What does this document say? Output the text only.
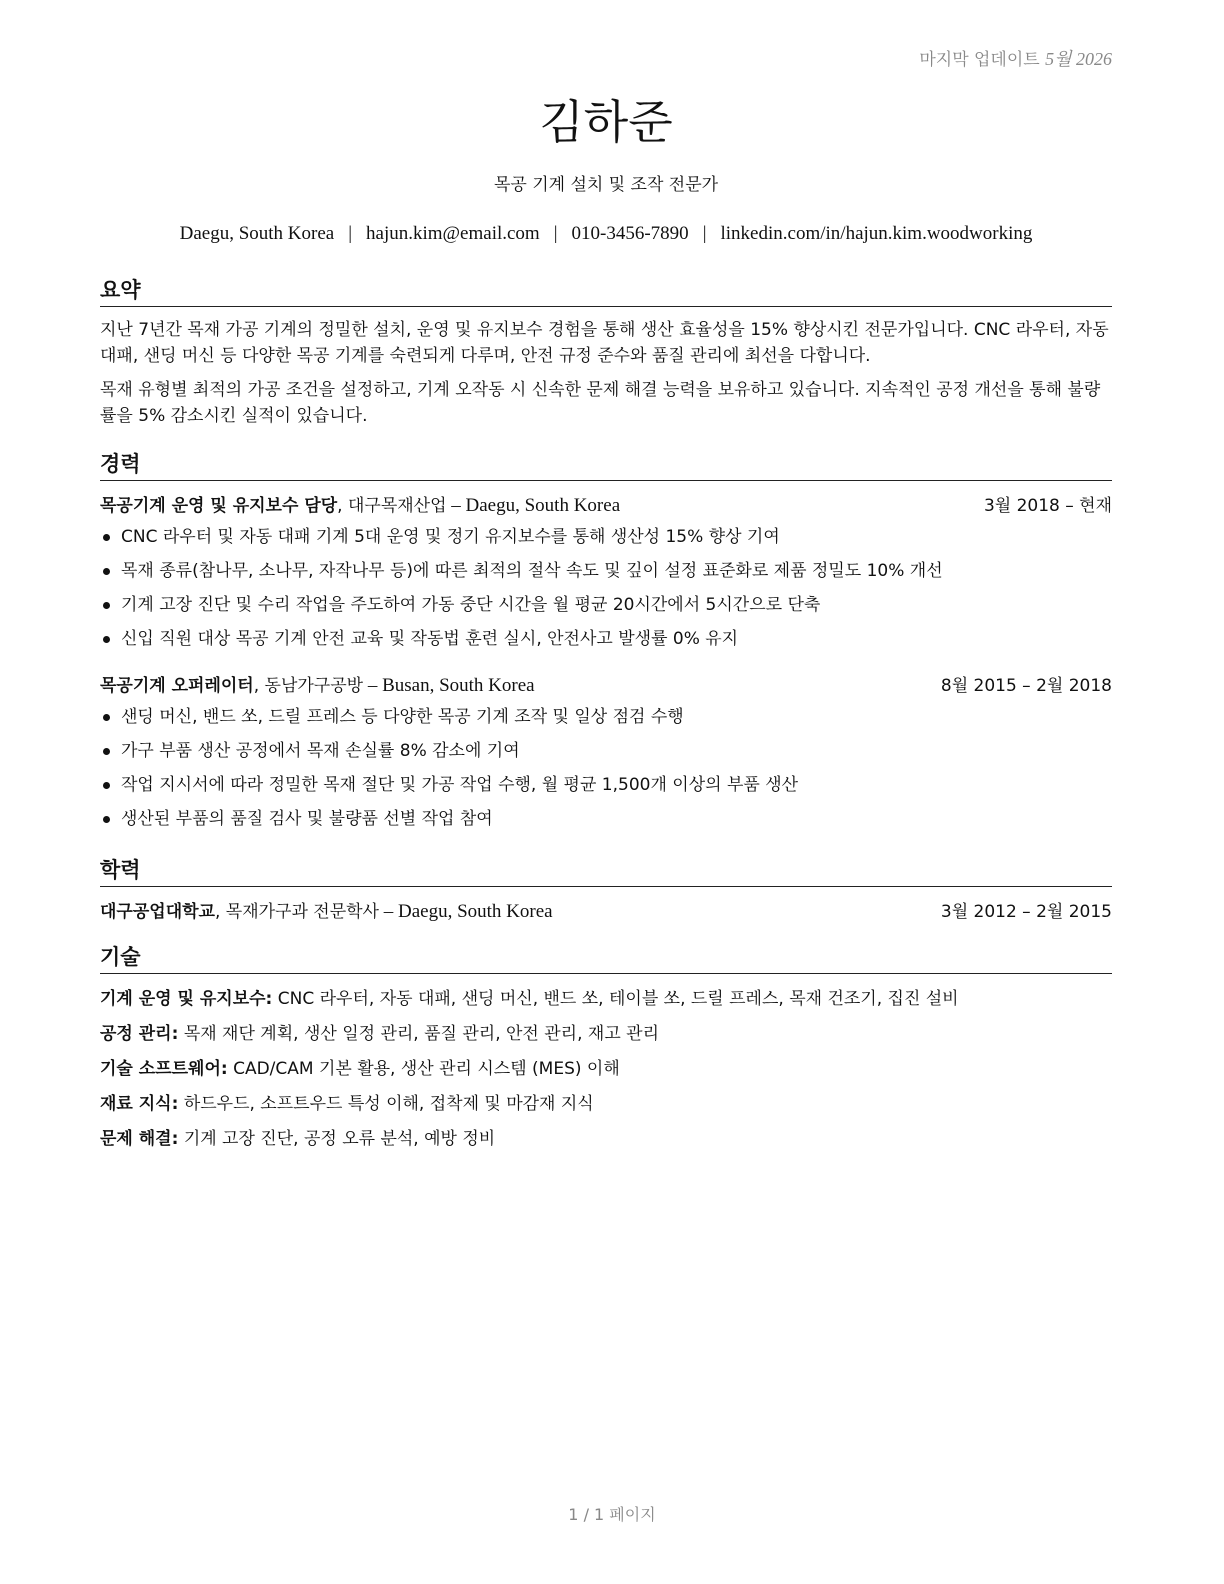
마지막 업데이트 5월 2026
김하준
목공 기계 설치 및 조작 전문가
Daegu, South Korea | hajun.kim@email.com | 010-3456-7890 | linkedin.com/in/hajun.kim.woodworking
요약

지난 7년간 목재 가공 기계의 정밀한 설치, 운영 및 유지보수 경험을 통해 생산 효율성을 15% 향상시킨 전문가입니다. CNC 라우터, 자동 대패, 샌딩 머신 등 다양한 목공 기계를 숙련되게 다루며, 안전 규정 준수와 품질 관리에 최선을 다합니다.

목재 유형별 최적의 가공 조건을 설정하고, 기계 오작동 시 신속한 문제 해결 능력을 보유하고 있습니다. 지속적인 공정 개선을 통해 불량률을 5% 감소시킨 실적이 있습니다.

경력
목공기계 운영 및 유지보수 담당, 대구목재산업 – Daegu, South Korea	3월 2018 – 현재
CNC 라우터 및 자동 대패 기계 5대 운영 및 정기 유지보수를 통해 생산성 15% 향상 기여
목재 종류(참나무, 소나무, 자작나무 등)에 따른 최적의 절삭 속도 및 깊이 설정 표준화로 제품 정밀도 10% 개선
기계 고장 진단 및 수리 작업을 주도하여 가동 중단 시간을 월 평균 20시간에서 5시간으로 단축
신입 직원 대상 목공 기계 안전 교육 및 작동법 훈련 실시, 안전사고 발생률 0% 유지
목공기계 오퍼레이터, 동남가구공방 – Busan, South Korea	8월 2015 – 2월 2018
샌딩 머신, 밴드 쏘, 드릴 프레스 등 다양한 목공 기계 조작 및 일상 점검 수행
가구 부품 생산 공정에서 목재 손실률 8% 감소에 기여
작업 지시서에 따라 정밀한 목재 절단 및 가공 작업 수행, 월 평균 1,500개 이상의 부품 생산
생산된 부품의 품질 검사 및 불량품 선별 작업 참여
학력
대구공업대학교, 목재가구과 전문학사 – Daegu, South Korea	3월 2012 – 2월 2015
기술
기계 운영 및 유지보수: CNC 라우터, 자동 대패, 샌딩 머신, 밴드 쏘, 테이블 쏘, 드릴 프레스, 목재 건조기, 집진 설비
공정 관리: 목재 재단 계획, 생산 일정 관리, 품질 관리, 안전 관리, 재고 관리
기술 소프트웨어: CAD/CAM 기본 활용, 생산 관리 시스템 (MES) 이해
재료 지식: 하드우드, 소프트우드 특성 이해, 접착제 및 마감재 지식
문제 해결: 기계 고장 진단, 공정 오류 분석, 예방 정비
1 / 1 페이지
